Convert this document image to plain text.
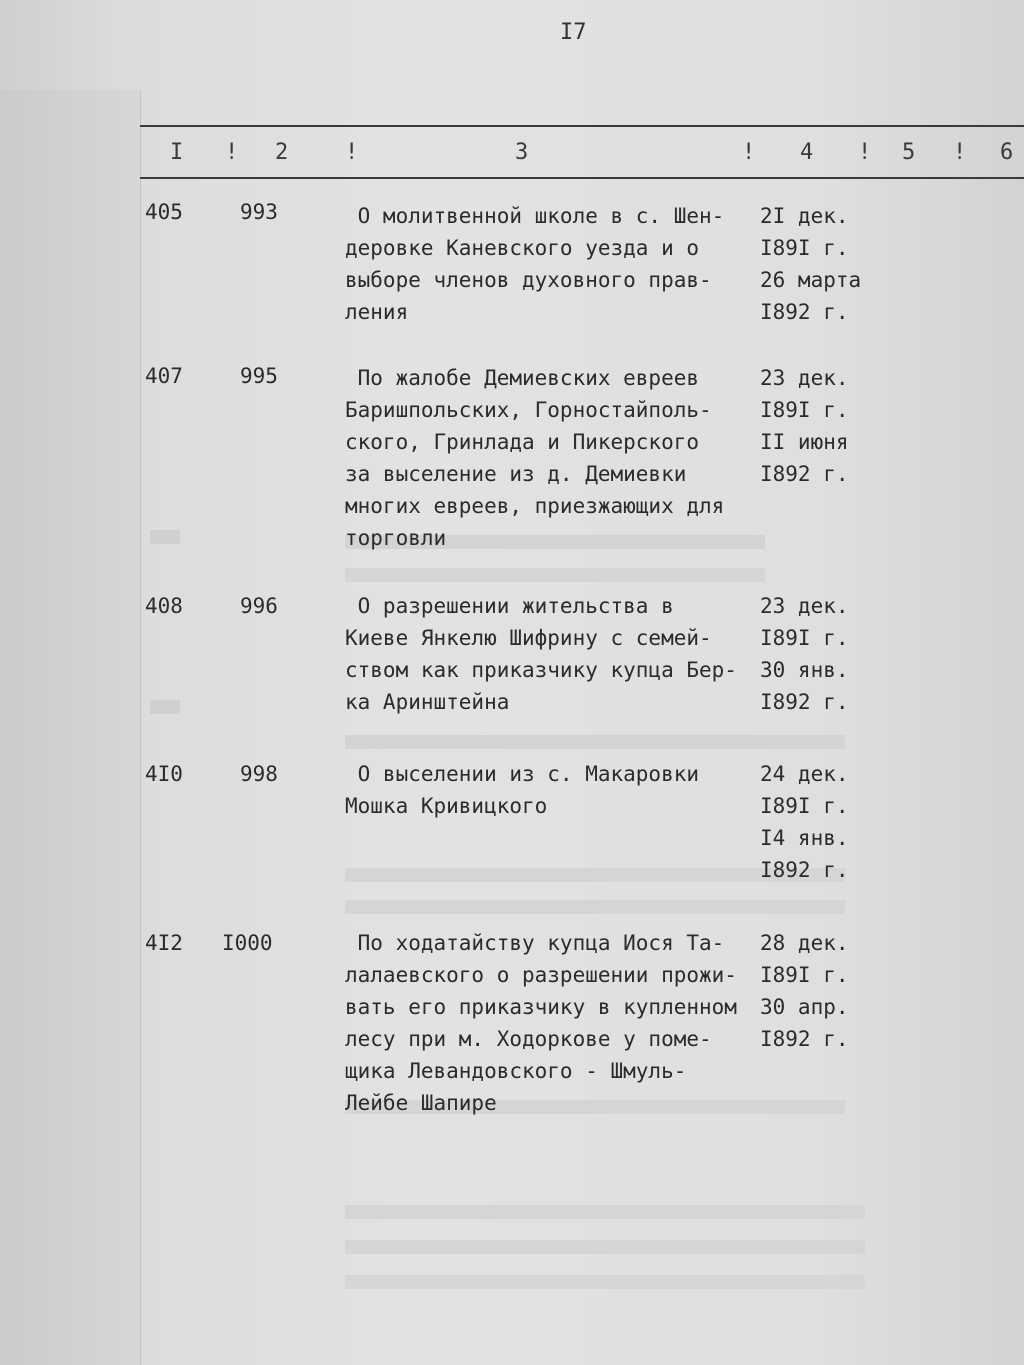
I7
I ! 2	!	3	! 4 ! 5 ! 6
405	993	О молитвенной школе в с. Шен-
деровке Каневского уезда и о
выборе членов духовного прав-
ления
2I дек.
I89I г.
26 марта
I892 г.
407	995	По жалобе Демиевских евреев
Баришпольских, Горностайполь-
ского, Гринлада и Пикерского
за выселение из д. Демиевки
многих евреев, приезжающих для
торговли
23 дек.
I89I г.
II июня
I892 г.
408	996	О разрешении жительства в
Киеве Янкелю Шифрину с семей-
ством как приказчику купца Бер-
ка Аринштейна
23 дек.
I89I г.
30 янв.
I892 г.
4I0	998	О выселении из с. Макаровки
Мошка Кривицкого
24 дек.
I89I г.
I4 янв.
I892 г.
4I2 I000	По ходатайству купца Иося Та-
лалаевского о разрешении прожи-
вать его приказчику в купленном
лесу при м. Ходоркове у поме-
щика Левандовского - Шмуль-
Лейбе Шапире
28 дек.
I89I г.
30 апр.
I892 г.
